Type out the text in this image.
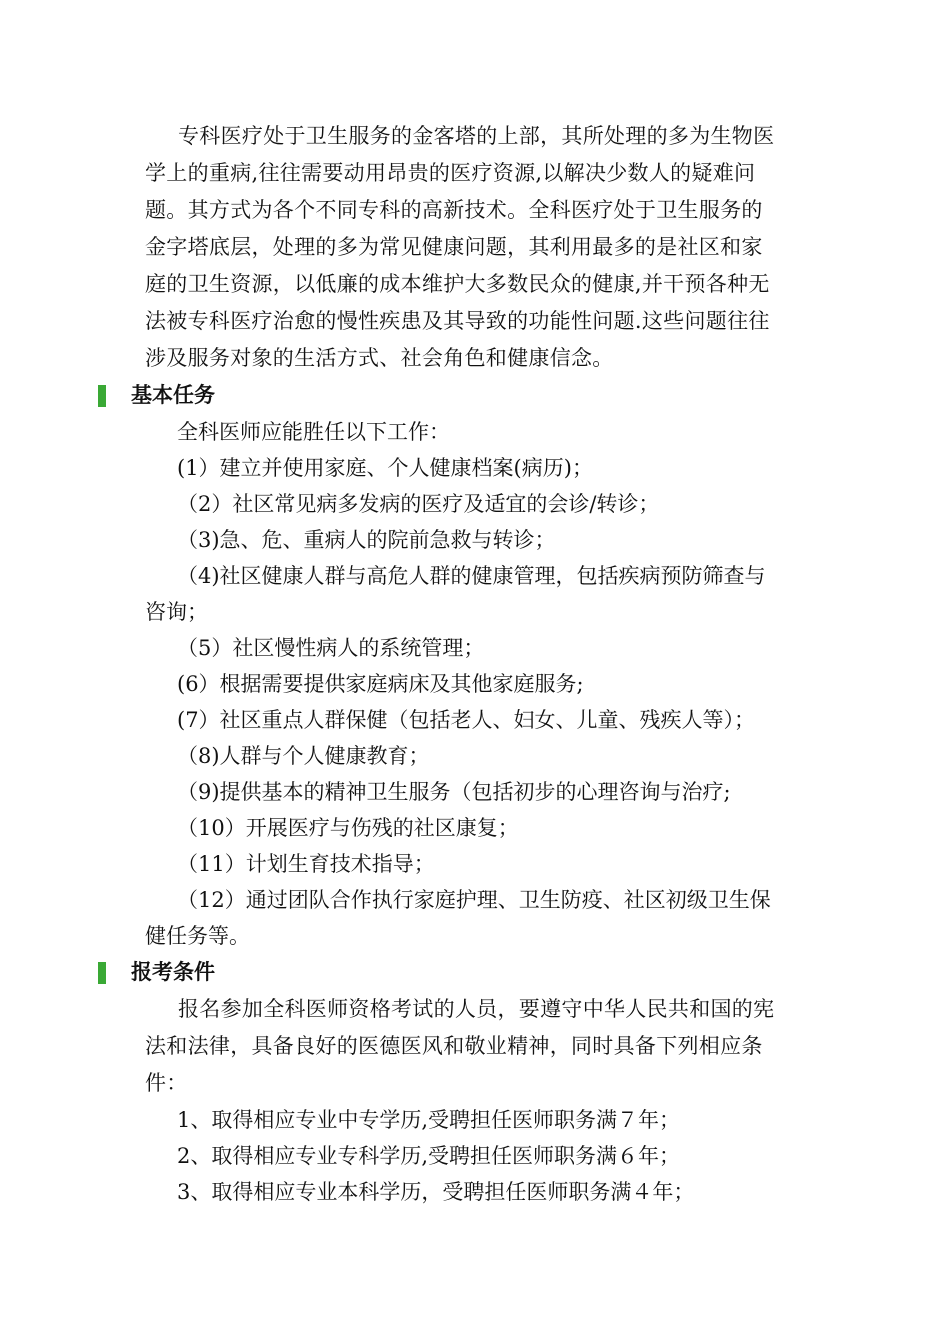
专科医疗处于卫生服务的金客塔的上部，其所处理的多为生物医
学上的重病,往往需要动用昂贵的医疗资源,以解决少数人的疑难问
题。其方式为各个不同专科的高新技术。全科医疗处于卫生服务的
金字塔底层，处理的多为常见健康问题，其利用最多的是社区和家
庭的卫生资源，以低廉的成本维护大多数民众的健康,并干预各种无
法被专科医疗治愈的慢性疾患及其导致的功能性问题.这些问题往往
涉及服务对象的生活方式、社会角色和健康信念。

基本任务

全科医师应能胜任以下工作：

(1）建立并使用家庭、个人健康档案(病历)；

（2）社区常见病多发病的医疗及适宜的会诊/转诊；

（3)急、危、重病人的院前急救与转诊；

（4)社区健康人群与高危人群的健康管理，包括疾病预防筛查与
咨询；

（5）社区慢性病人的系统管理；

(6）根据需要提供家庭病床及其他家庭服务;

(7）社区重点人群保健（包括老人、妇女、儿童、残疾人等）；

（8)人群与个人健康教育；

（9)提供基本的精神卫生服务（包括初步的心理咨询与治疗;

（10）开展医疗与伤残的社区康复；

（11）计划生育技术指导；

（12）通过团队合作执行家庭护理、卫生防疫、社区初级卫生保
健任务等。

报考条件

报名参加全科医师资格考试的人员，要遵守中华人民共和国的宪
法和法律，具备良好的医德医风和敬业精神，同时具备下列相应条
件：

1、取得相应专业中专学历,受聘担任医师职务满７年；

2、取得相应专业专科学历,受聘担任医师职务满６年；

3、取得相应专业本科学历，受聘担任医师职务满４年；
